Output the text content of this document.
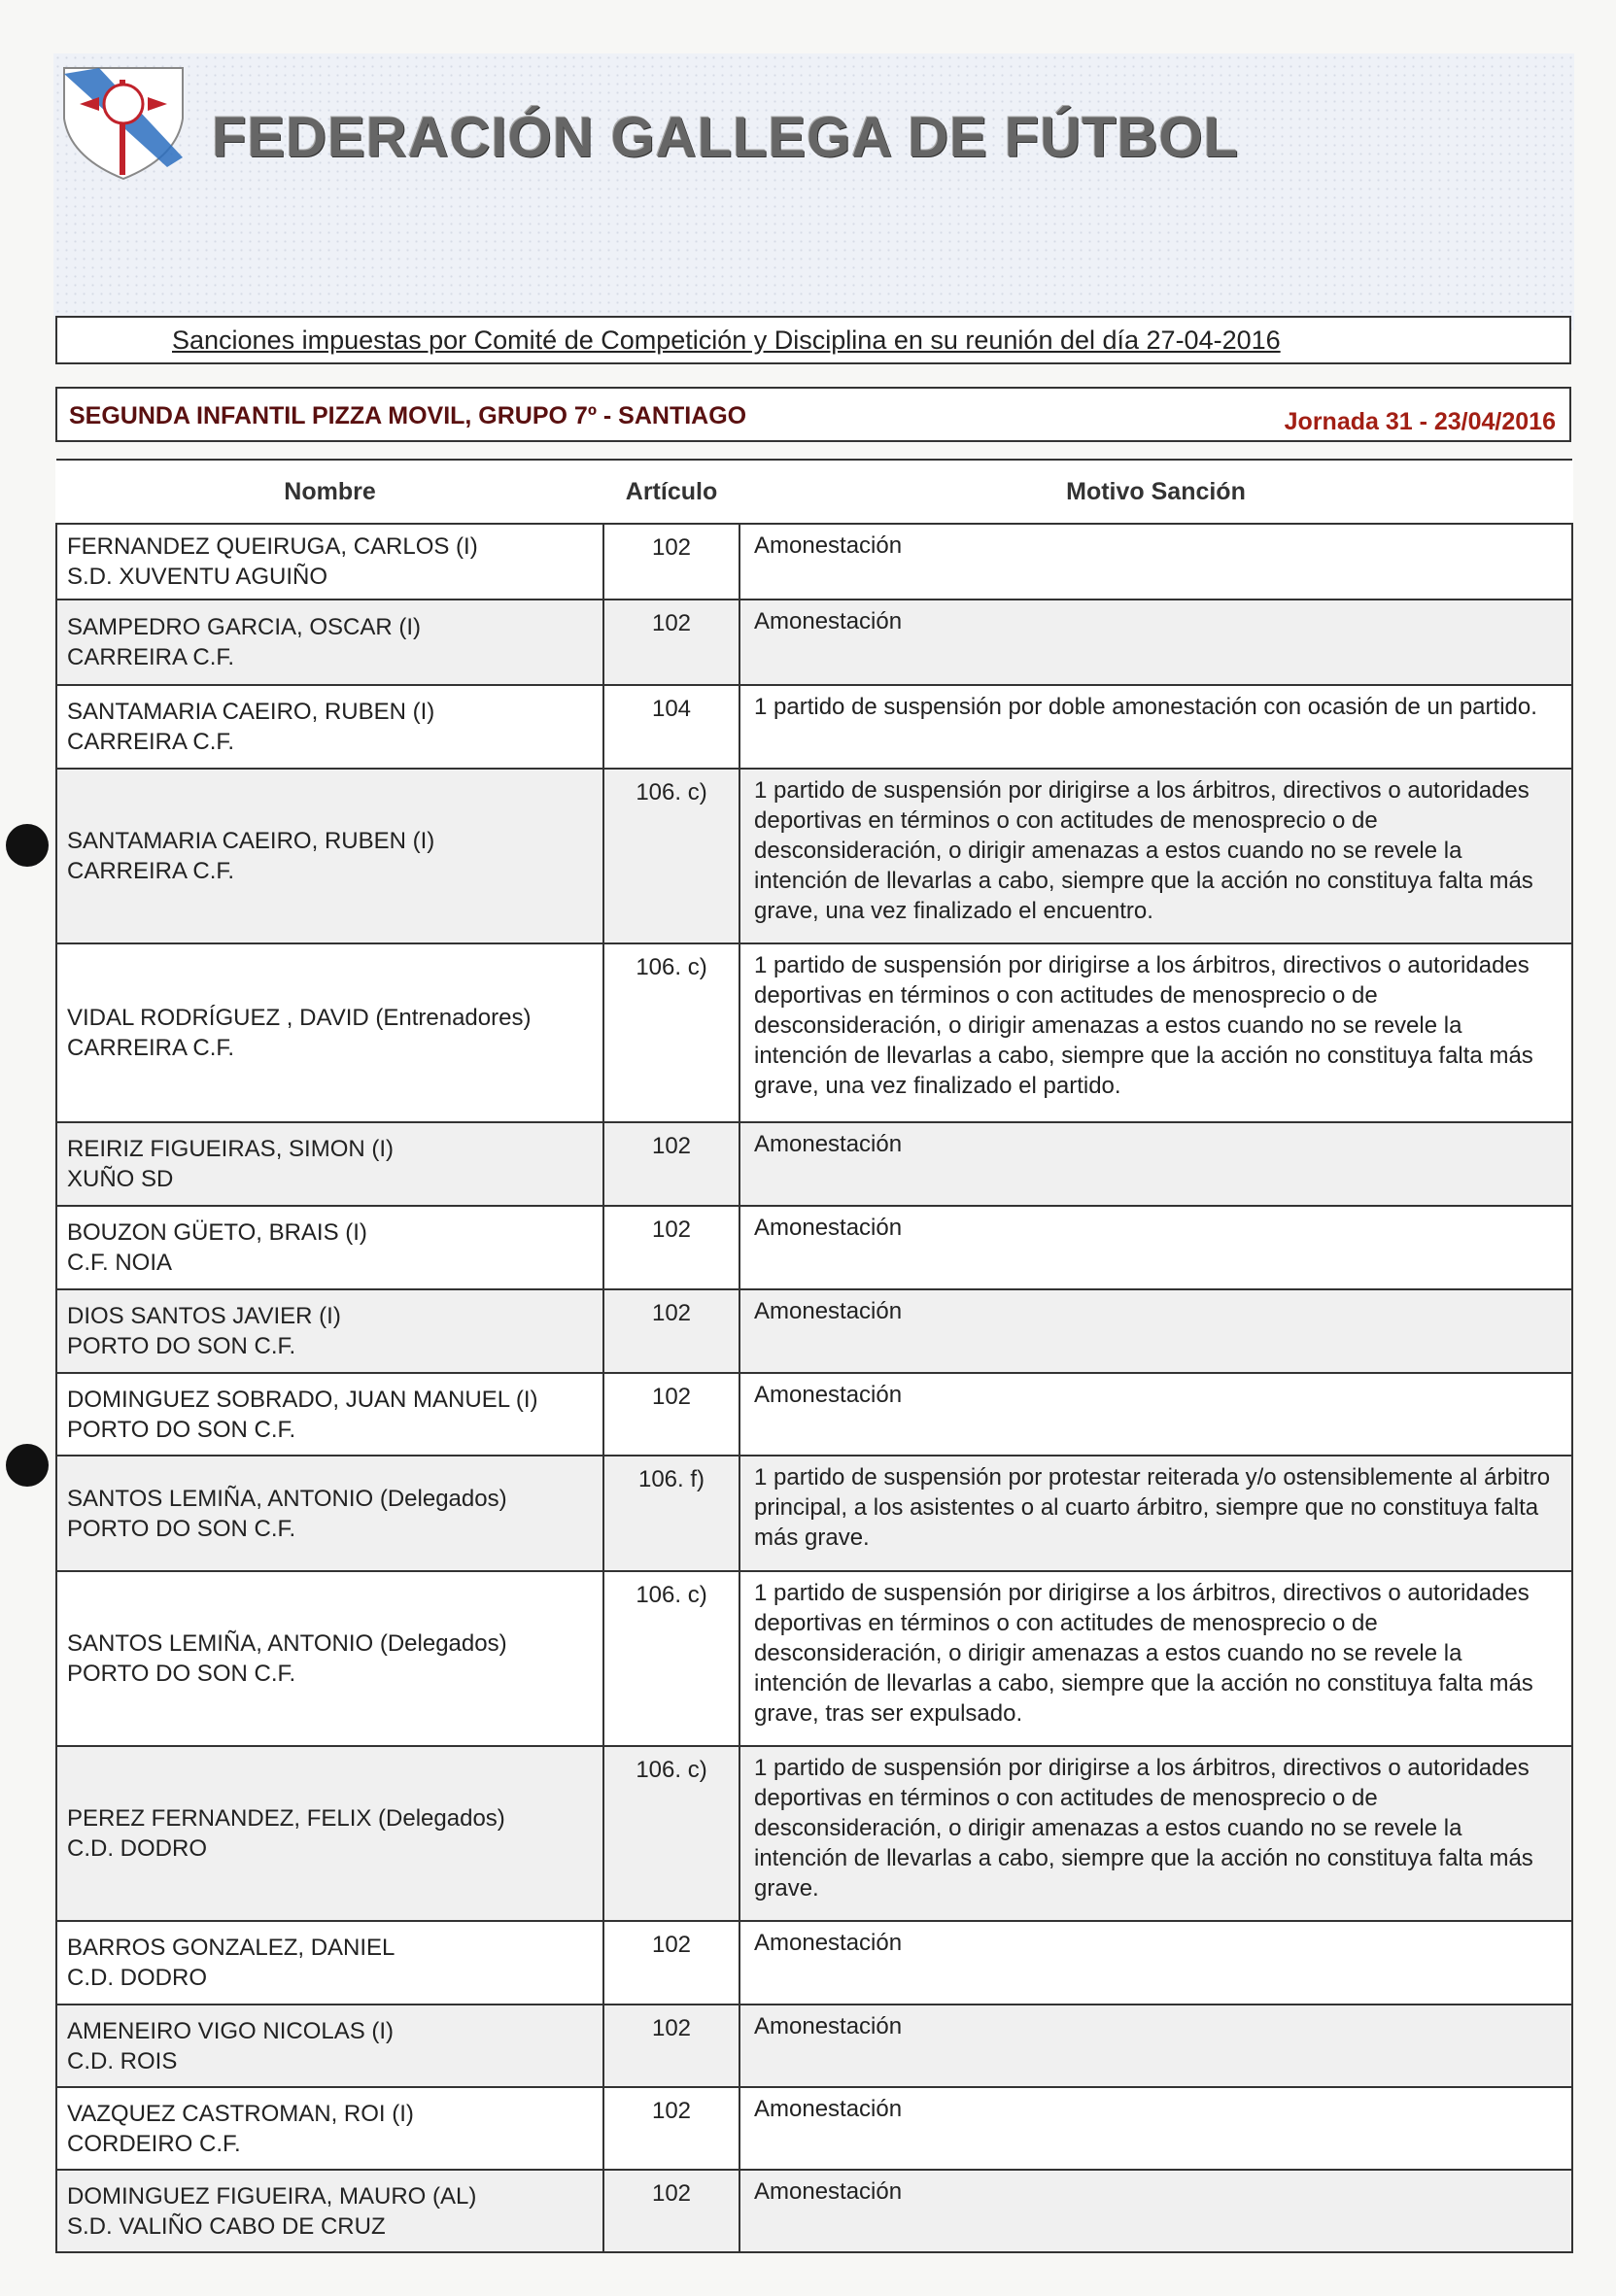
FEDERACIÓN GALLEGA DE FÚTBOL
Sanciones impuestas por Comité de Competición y Disciplina en su reunión del día 27-04-2016
SEGUNDA INFANTIL PIZZA MOVIL, GRUPO 7º - SANTIAGO	Jornada 31 - 23/04/2016
Nombre	Artículo	Motivo Sanción

FERNANDEZ QUEIRUGA, CARLOS (I)
S.D. XUVENTU AGUIÑO	102	Amonestación

SAMPEDRO GARCIA, OSCAR (I)
CARREIRA C.F.	102	Amonestación

SANTAMARIA CAEIRO, RUBEN (I)
CARREIRA C.F.	104	1 partido de suspensión por doble amonestación con ocasión de un partido.

SANTAMARIA CAEIRO, RUBEN (I)
CARREIRA C.F.	106. c)	1 partido de suspensión por dirigirse a los árbitros, directivos o autoridades deportivas en términos o con actitudes de menosprecio o de desconsideración, o dirigir amenazas a estos cuando no se revele la intención de llevarlas a cabo, siempre que la acción no constituya falta más grave, una vez finalizado el encuentro.

VIDAL RODRÍGUEZ , DAVID (Entrenadores)
CARREIRA C.F.	106. c)	1 partido de suspensión por dirigirse a los árbitros, directivos o autoridades deportivas en términos o con actitudes de menosprecio o de desconsideración, o dirigir amenazas a estos cuando no se revele la intención de llevarlas a cabo, siempre que la acción no constituya falta más grave, una vez finalizado el partido.

REIRIZ FIGUEIRAS, SIMON (I)
XUÑO SD	102	Amonestación

BOUZON GÜETO, BRAIS (I)
C.F. NOIA	102	Amonestación

DIOS SANTOS JAVIER (I)
PORTO DO SON C.F.	102	Amonestación

DOMINGUEZ SOBRADO, JUAN MANUEL (I)
PORTO DO SON C.F.	102	Amonestación

SANTOS LEMIÑA, ANTONIO (Delegados)
PORTO DO SON C.F.	106. f)	1 partido de suspensión por protestar reiterada y/o ostensiblemente al árbitro principal, a los asistentes o al cuarto árbitro, siempre que no constituya falta más grave.

SANTOS LEMIÑA, ANTONIO (Delegados)
PORTO DO SON C.F.	106. c)	1 partido de suspensión por dirigirse a los árbitros, directivos o autoridades deportivas en términos o con actitudes de menosprecio o de desconsideración, o dirigir amenazas a estos cuando no se revele la intención de llevarlas a cabo, siempre que la acción no constituya falta más grave, tras ser expulsado.

PEREZ FERNANDEZ, FELIX (Delegados)
C.D. DODRO	106. c)	1 partido de suspensión por dirigirse a los árbitros, directivos o autoridades deportivas en términos o con actitudes de menosprecio o de desconsideración, o dirigir amenazas a estos cuando no se revele la intención de llevarlas a cabo, siempre que la acción no constituya falta más grave.

BARROS GONZALEZ, DANIEL
C.D. DODRO	102	Amonestación

AMENEIRO VIGO NICOLAS (I)
C.D. ROIS	102	Amonestación

VAZQUEZ CASTROMAN, ROI (I)
CORDEIRO C.F.	102	Amonestación

DOMINGUEZ FIGUEIRA, MAURO (AL)
S.D. VALIÑO CABO DE CRUZ	102	Amonestación
